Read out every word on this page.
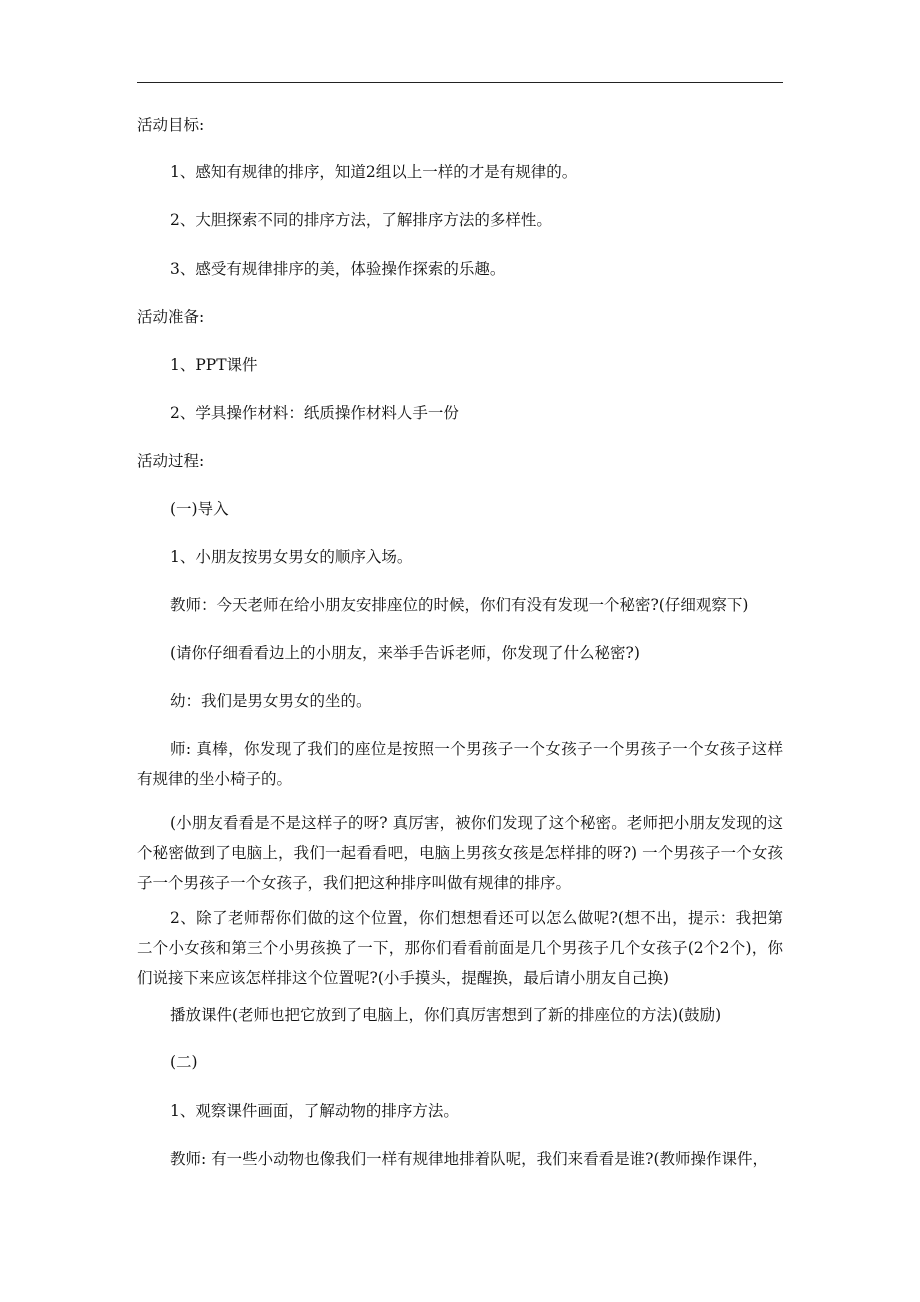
活动目标:

1、感知有规律的排序，知道2组以上一样的才是有规律的。

2、大胆探索不同的排序方法，了解排序方法的多样性。

3、感受有规律排序的美，体验操作探索的乐趣。

活动准备:

1、PPT课件

2、学具操作材料：纸质操作材料人手一份

活动过程:

(一)导入

1、小朋友按男女男女的顺序入场。

教师：今天老师在给小朋友安排座位的时候，你们有没有发现一个秘密?(仔细观察下)

(请你仔细看看边上的小朋友，来举手告诉老师，你发现了什么秘密?)

幼：我们是男女男女的坐的。

师: 真棒，你发现了我们的座位是按照一个男孩子一个女孩子一个男孩子一个女孩子这样有规律的坐小椅子的。

(小朋友看看是不是这样子的呀? 真厉害，被你们发现了这个秘密。老师把小朋友发现的这个秘密做到了电脑上，我们一起看看吧，电脑上男孩女孩是怎样排的呀?) 一个男孩子一个女孩子一个男孩子一个女孩子，我们把这种排序叫做有规律的排序。

2、除了老师帮你们做的这个位置，你们想想看还可以怎么做呢?(想不出，提示：我把第二个小女孩和第三个小男孩换了一下，那你们看看前面是几个男孩子几个女孩子(2个2个)，你们说接下来应该怎样排这个位置呢?(小手摸头，提醒换，最后请小朋友自己换)

播放课件(老师也把它放到了电脑上，你们真厉害想到了新的排座位的方法)(鼓励)

(二)

1、观察课件画面，了解动物的排序方法。

教师: 有一些小动物也像我们一样有规律地排着队呢，我们来看看是谁?(教师操作课件，
